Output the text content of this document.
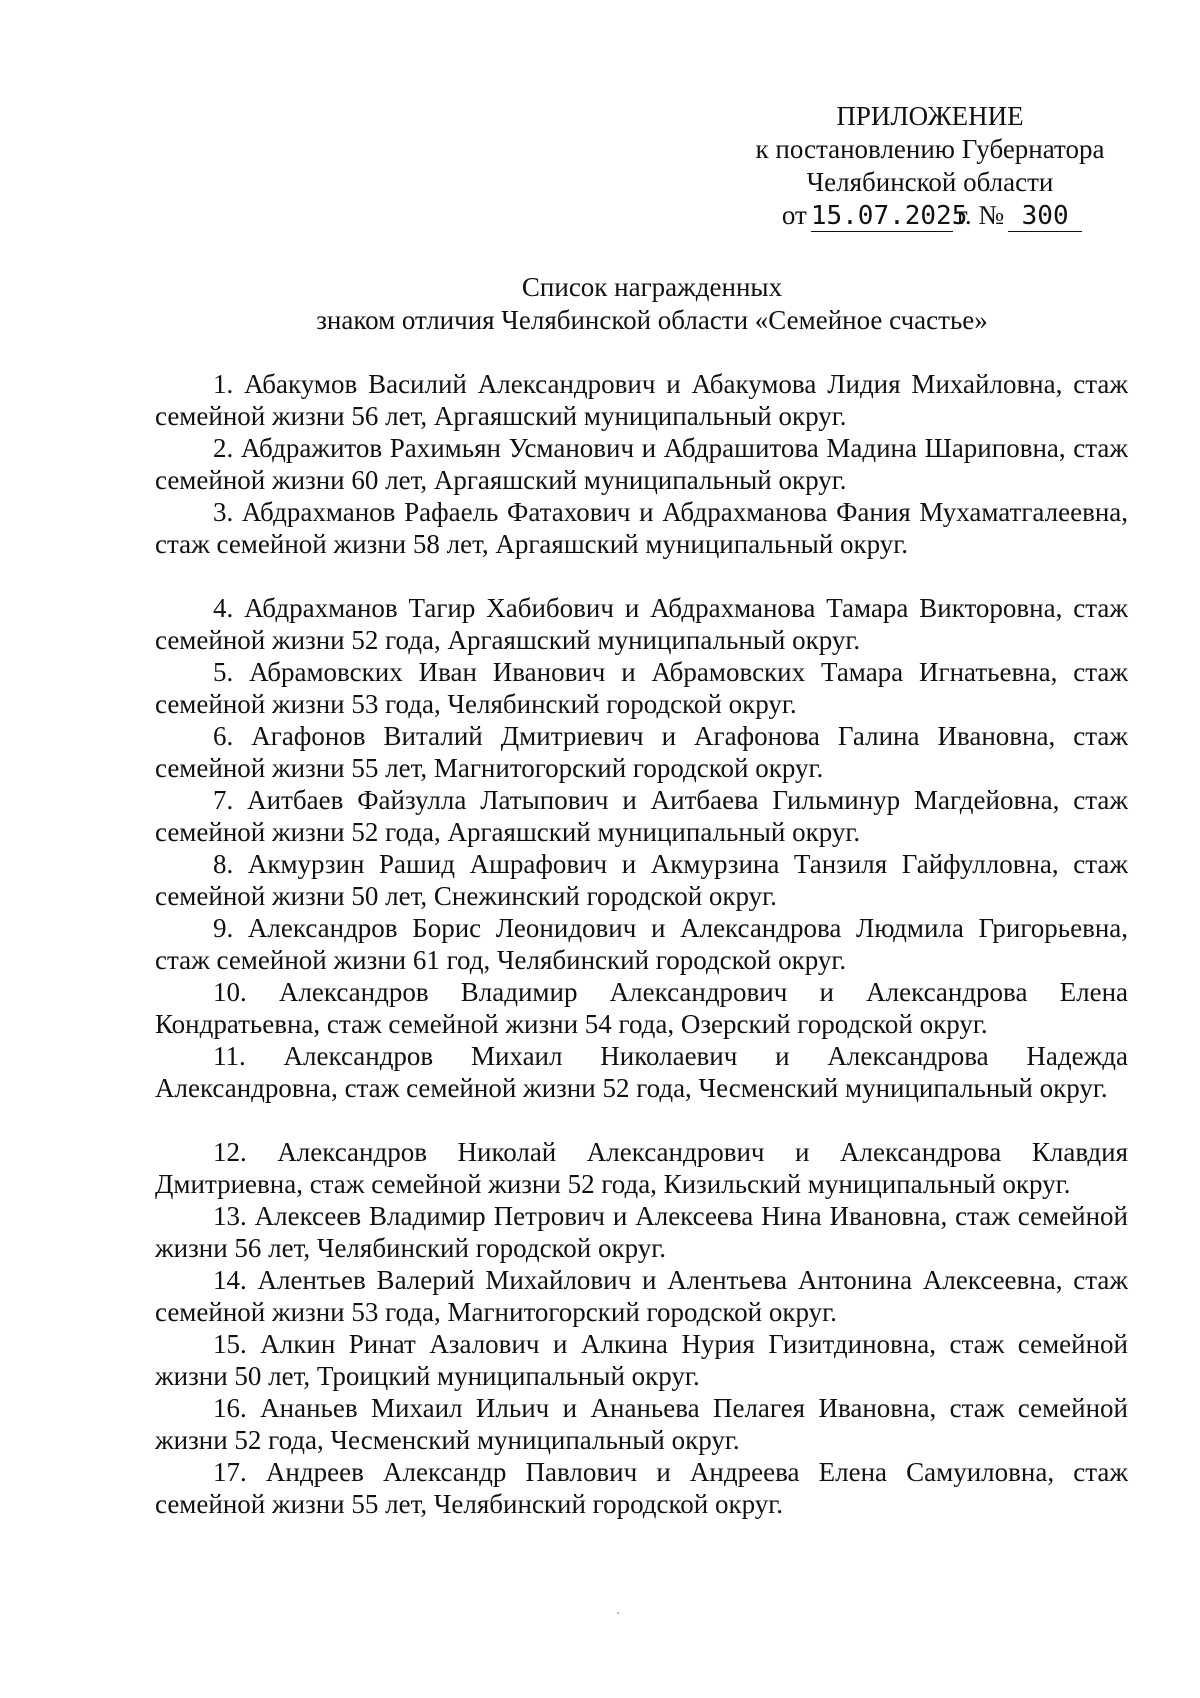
ПРИЛОЖЕНИЕ
к постановлению Губернатора
Челябинской области
от 15.07.2025
г. № 300
Список награжденных
знаком отличия Челябинской области «Семейное счастье»
1. Абакумов Василий Александрович и Абакумова Лидия Михайловна, стаж семейной жизни 56 лет, Аргаяшский муниципальный округ.
2. Абдражитов Рахимьян Усманович и Абдрашитова Мадина Шариповна, стаж семейной жизни 60 лет, Аргаяшский муниципальный округ.
3. Абдрахманов Рафаель Фатахович и Абдрахманова Фания Мухаматгалеевна, стаж семейной жизни 58 лет, Аргаяшский муниципальный округ.
4. Абдрахманов Тагир Хабибович и Абдрахманова Тамара Викторовна, стаж семейной жизни 52 года, Аргаяшский муниципальный округ.
5. Абрамовских Иван Иванович и Абрамовских Тамара Игнатьевна, стаж семейной жизни 53 года, Челябинский городской округ.
6. Агафонов Виталий Дмитриевич и Агафонова Галина Ивановна, стаж семейной жизни 55 лет, Магнитогорский городской округ.
7. Аитбаев Файзулла Латыпович и Аитбаева Гильминур Магдейовна, стаж семейной жизни 52 года, Аргаяшский муниципальный округ.
8. Акмурзин Рашид Ашрафович и Акмурзина Танзиля Гайфулловна, стаж семейной жизни 50 лет, Снежинский городской округ.
9. Александров Борис Леонидович и Александрова Людмила Григорьевна, стаж семейной жизни 61 год, Челябинский городской округ.
10. Александров Владимир Александрович и Александрова Елена Кондратьевна, стаж семейной жизни 54 года, Озерский городской округ.
11. Александров Михаил Николаевич и Александрова Надежда Александровна, стаж семейной жизни 52 года, Чесменский муниципальный округ.
12. Александров Николай Александрович и Александрова Клавдия Дмитриевна, стаж семейной жизни 52 года, Кизильский муниципальный округ.
13. Алексеев Владимир Петрович и Алексеева Нина Ивановна, стаж семейной жизни 56 лет, Челябинский городской округ.
14. Алентьев Валерий Михайлович и Алентьева Антонина Алексеевна, стаж семейной жизни 53 года, Магнитогорский городской округ.
15. Алкин Ринат Азалович и Алкина Нурия Гизитдиновна, стаж семейной жизни 50 лет, Троицкий муниципальный округ.
16. Ананьев Михаил Ильич и Ананьева Пелагея Ивановна, стаж семейной жизни 52 года, Чесменский муниципальный округ.
17. Андреев Александр Павлович и Андреева Елена Самуиловна, стаж семейной жизни 55 лет, Челябинский городской округ.
